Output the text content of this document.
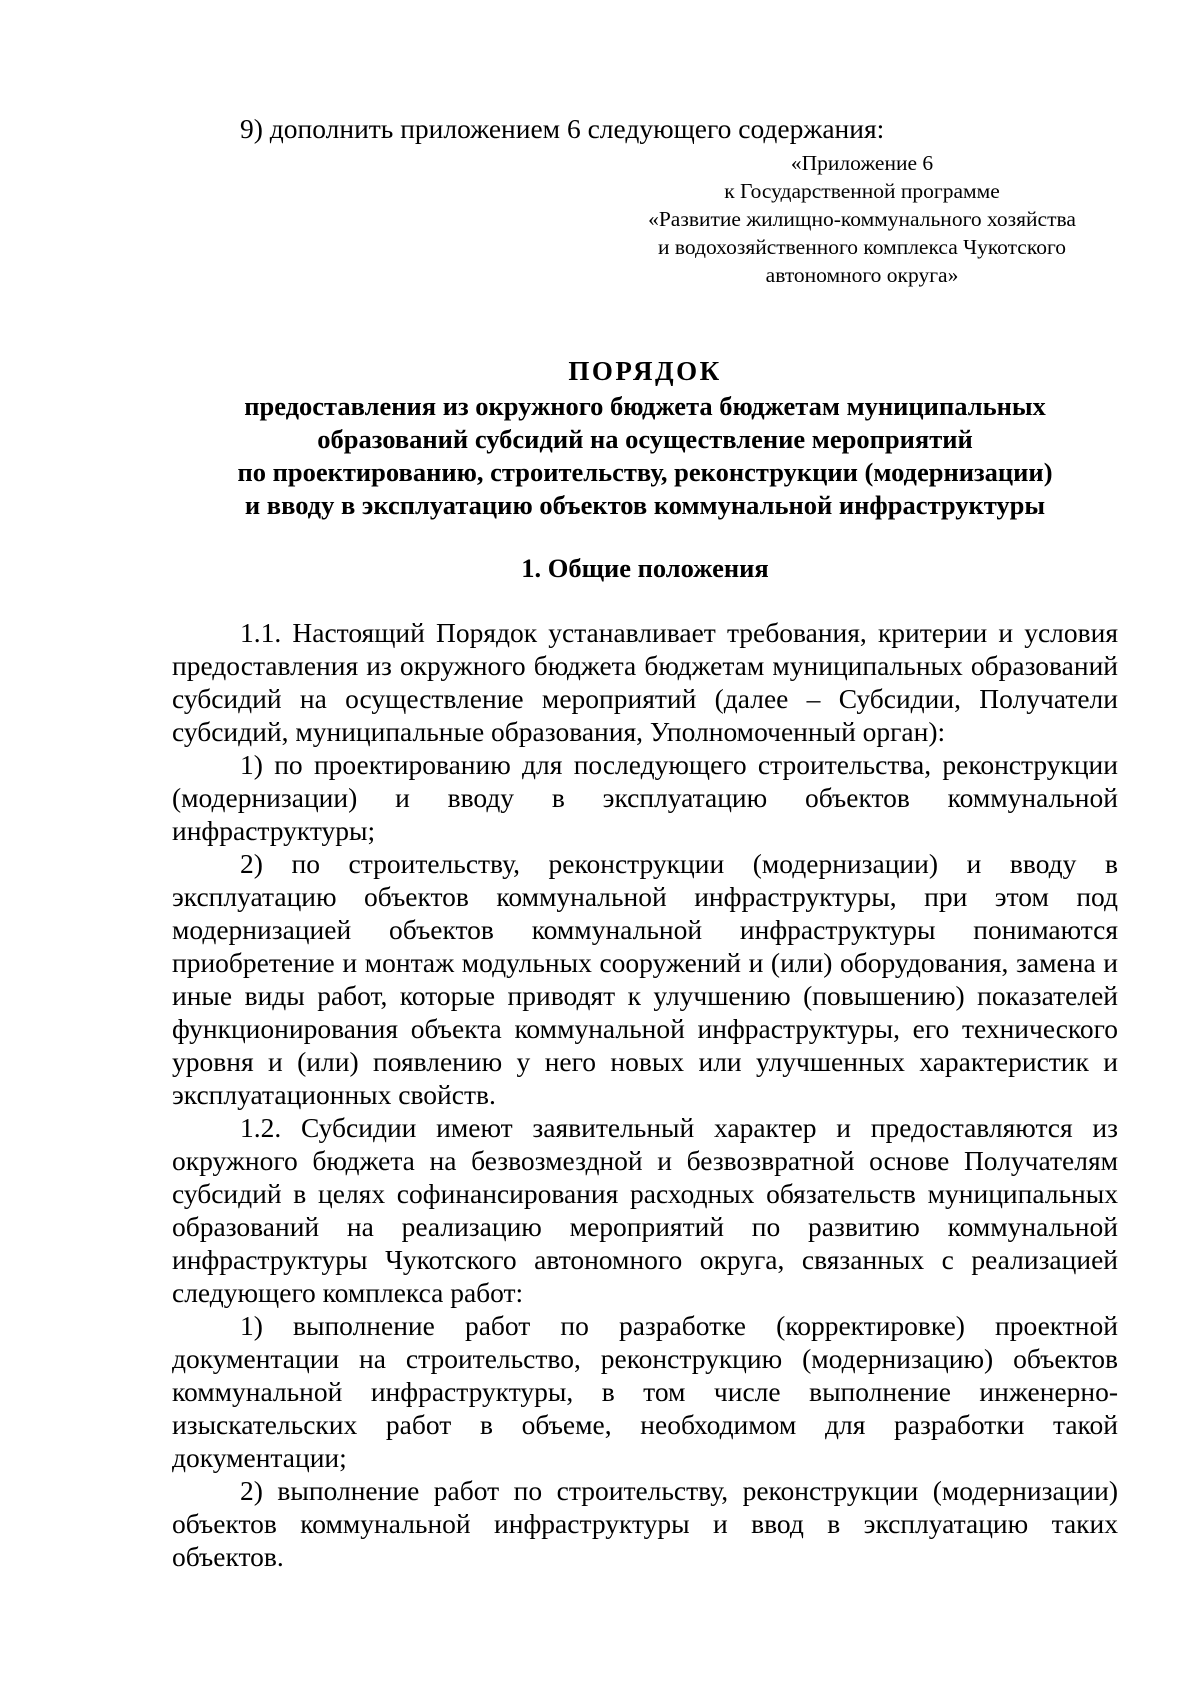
9) дополнить приложением 6 следующего содержания:

«Приложение 6
к Государственной программе
«Развитие жилищно-коммунального хозяйства
и водохозяйственного комплекса Чукотского
автономного округа»
ПОРЯДОК
предоставления из окружного бюджета бюджетам муниципальных
образований субсидий на осуществление мероприятий
по проектированию, строительству, реконструкции (модернизации)
и вводу в эксплуатацию объектов коммунальной инфраструктуры
1. Общие положения

1.1. Настоящий Порядок устанавливает требования, критерии и условия предоставления из окружного бюджета бюджетам муниципальных образований субсидий на осуществление мероприятий (далее – Субсидии, Получатели субсидий, муниципальные образования, Уполномоченный орган):

1) по проектированию для последующего строительства, реконструкции (модернизации) и вводу в эксплуатацию объектов коммунальной инфраструктуры;

2) по строительству, реконструкции (модернизации) и вводу в эксплуатацию объектов коммунальной инфраструктуры, при этом под модернизацией объектов коммунальной инфраструктуры понимаются приобретение и монтаж модульных сооружений и (или) оборудования, замена и иные виды работ, которые приводят к улучшению (повышению) показателей функционирования объекта коммунальной инфраструктуры, его технического уровня и (или) появлению у него новых или улучшенных характеристик и эксплуатационных свойств.

1.2. Субсидии имеют заявительный характер и предоставляются из окружного бюджета на безвозмездной и безвозвратной основе Получателям субсидий в целях софинансирования расходных обязательств муниципальных образований на реализацию мероприятий по развитию коммунальной инфраструктуры Чукотского автономного округа, связанных с реализацией следующего комплекса работ:

1) выполнение работ по разработке (корректировке) проектной документации на строительство, реконструкцию (модернизацию) объектов коммунальной инфраструктуры, в том числе выполнение инженерно-изыскательских работ в объеме, необходимом для разработки такой документации;

2) выполнение работ по строительству, реконструкции (модернизации) объектов коммунальной инфраструктуры и ввод в эксплуатацию таких объектов.
